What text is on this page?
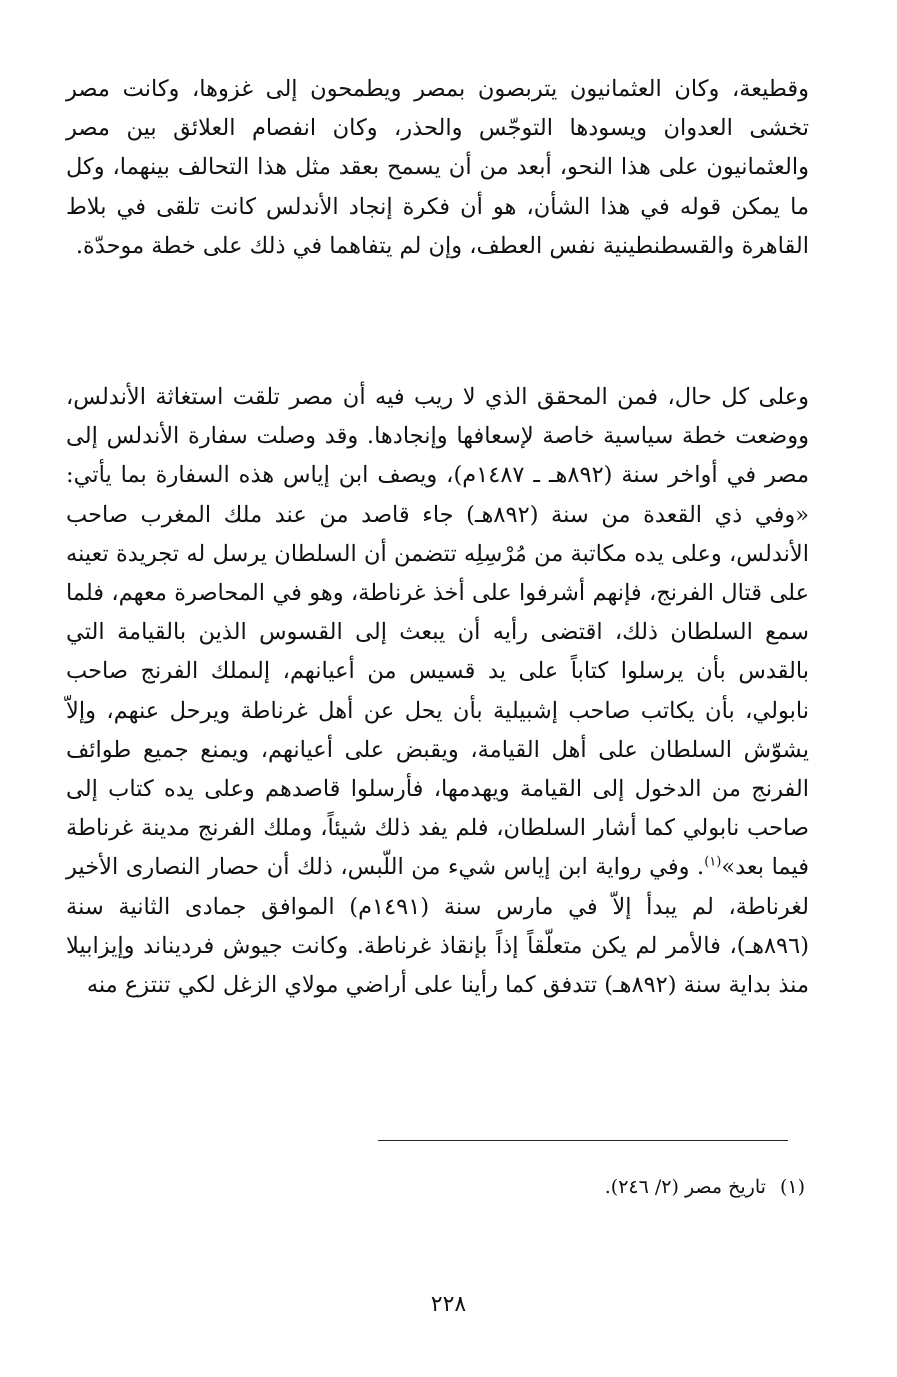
وقطيعة، وكان العثمانيون يتربصون بمصر ويطمحون إلى غزوها، وكانت مصر تخشى العدوان ويسودها التوجّس والحذر، وكان انفصام العلائق بين مصر والعثمانيون على هذا النحو، أبعد من أن يسمح بعقد مثل هذا التحالف بينهما، وكل ما يمكن قوله في هذا الشأن، هو أن فكرة إنجاد الأندلس كانت تلقى في بلاط القاهرة والقسطنطينية نفس العطف، وإن لم يتفاهما في ذلك على خطة موحدّة.

وعلى كل حال، فمن المحقق الذي لا ريب فيه أن مصر تلقت استغاثة الأندلس، ووضعت خطة سياسية خاصة لإسعافها وإنجادها. وقد وصلت سفارة الأندلس إلى مصر في أواخر سنة (٨٩٢هـ ـ ١٤٨٧م)، ويصف ابن إياس هذه السفارة بما يأتي: «وفي ذي القعدة من سنة (٨٩٢هـ) جاء قاصد من عند ملك المغرب صاحب الأندلس، وعلى يده مكاتبة من مُرْسِلِه تتضمن أن السلطان يرسل له تجريدة تعينه على قتال الفرنج، فإنهم أشرفوا على أخذ غرناطة، وهو في المحاصرة معهم، فلما سمع السلطان ذلك، اقتضى رأيه أن يبعث إلى القسوس الذين بالقيامة التي بالقدس بأن يرسلوا كتاباً على يد قسيس من أعيانهم، إلىملك الفرنج صاحب نابولي، بأن يكاتب صاحب إشبيلية بأن يحل عن أهل غرناطة ويرحل عنهم، وإلاّ يشوّش السلطان على أهل القيامة، ويقبض على أعيانهم، ويمنع جميع طوائف الفرنج من الدخول إلى القيامة ويهدمها، فأرسلوا قاصدهم وعلى يده كتاب إلى صاحب نابولي كما أشار السلطان، فلم يفد ذلك شيئاً، وملك الفرنج مدينة غرناطة فيما بعد»$^{(١)}$. وفي رواية ابن إياس شيء من اللّبس، ذلك أن حصار النصارى الأخير لغرناطة، لم يبدأ إلاّ في مارس سنة (١٤٩١م) الموافق جمادى الثانية سنة (٨٩٦هـ)، فالأمر لم يكن متعلّقاً إذاً بإنقاذ غرناطة. وكانت جيوش فرديناند وإيزابيلا منذ بداية سنة (٨٩٢هـ) تتدفق كما رأينا على أراضي مولاي الزغل لكي تنتزع منه

(١)تاريخ مصر (٢/ ٢٤٦).

٢٢٨
